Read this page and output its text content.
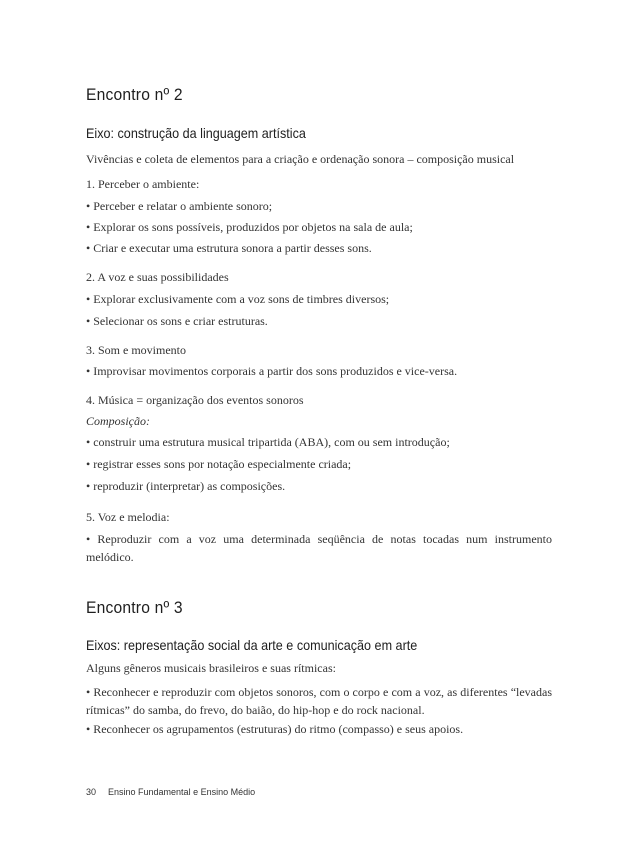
Encontro nº 2
Eixo: construção da linguagem artística
Vivências e coleta de elementos para a criação e ordenação sonora – composição musical
1. Perceber o ambiente:
• Perceber e relatar o ambiente sonoro;
• Explorar os sons possíveis, produzidos por objetos na sala de aula;
• Criar e executar uma estrutura sonora a partir desses sons.
2. A voz e suas possibilidades
• Explorar exclusivamente com a voz sons de timbres diversos;
• Selecionar os sons e criar estruturas.
3. Som e movimento
• Improvisar movimentos corporais a partir dos sons produzidos e vice-versa.
4. Música = organização dos eventos sonoros
Composição:
• construir uma estrutura musical tripartida (ABA), com ou sem introdução;
• registrar esses sons por notação especialmente criada;
• reproduzir (interpretar) as composições.
5. Voz e melodia:
• Reproduzir com a voz uma determinada seqüência de notas tocadas num instrumento melódico.
Encontro nº 3
Eixos: representação social da arte e comunicação em arte
Alguns gêneros musicais brasileiros e suas rítmicas:
• Reconhecer e reproduzir com objetos sonoros, com o corpo e com a voz, as diferentes “levadas rítmicas” do samba, do frevo, do baião, do hip-hop e do rock nacional.
• Reconhecer os agrupamentos (estruturas) do ritmo (compasso) e seus apoios.
30 Ensino Fundamental e Ensino Médio
